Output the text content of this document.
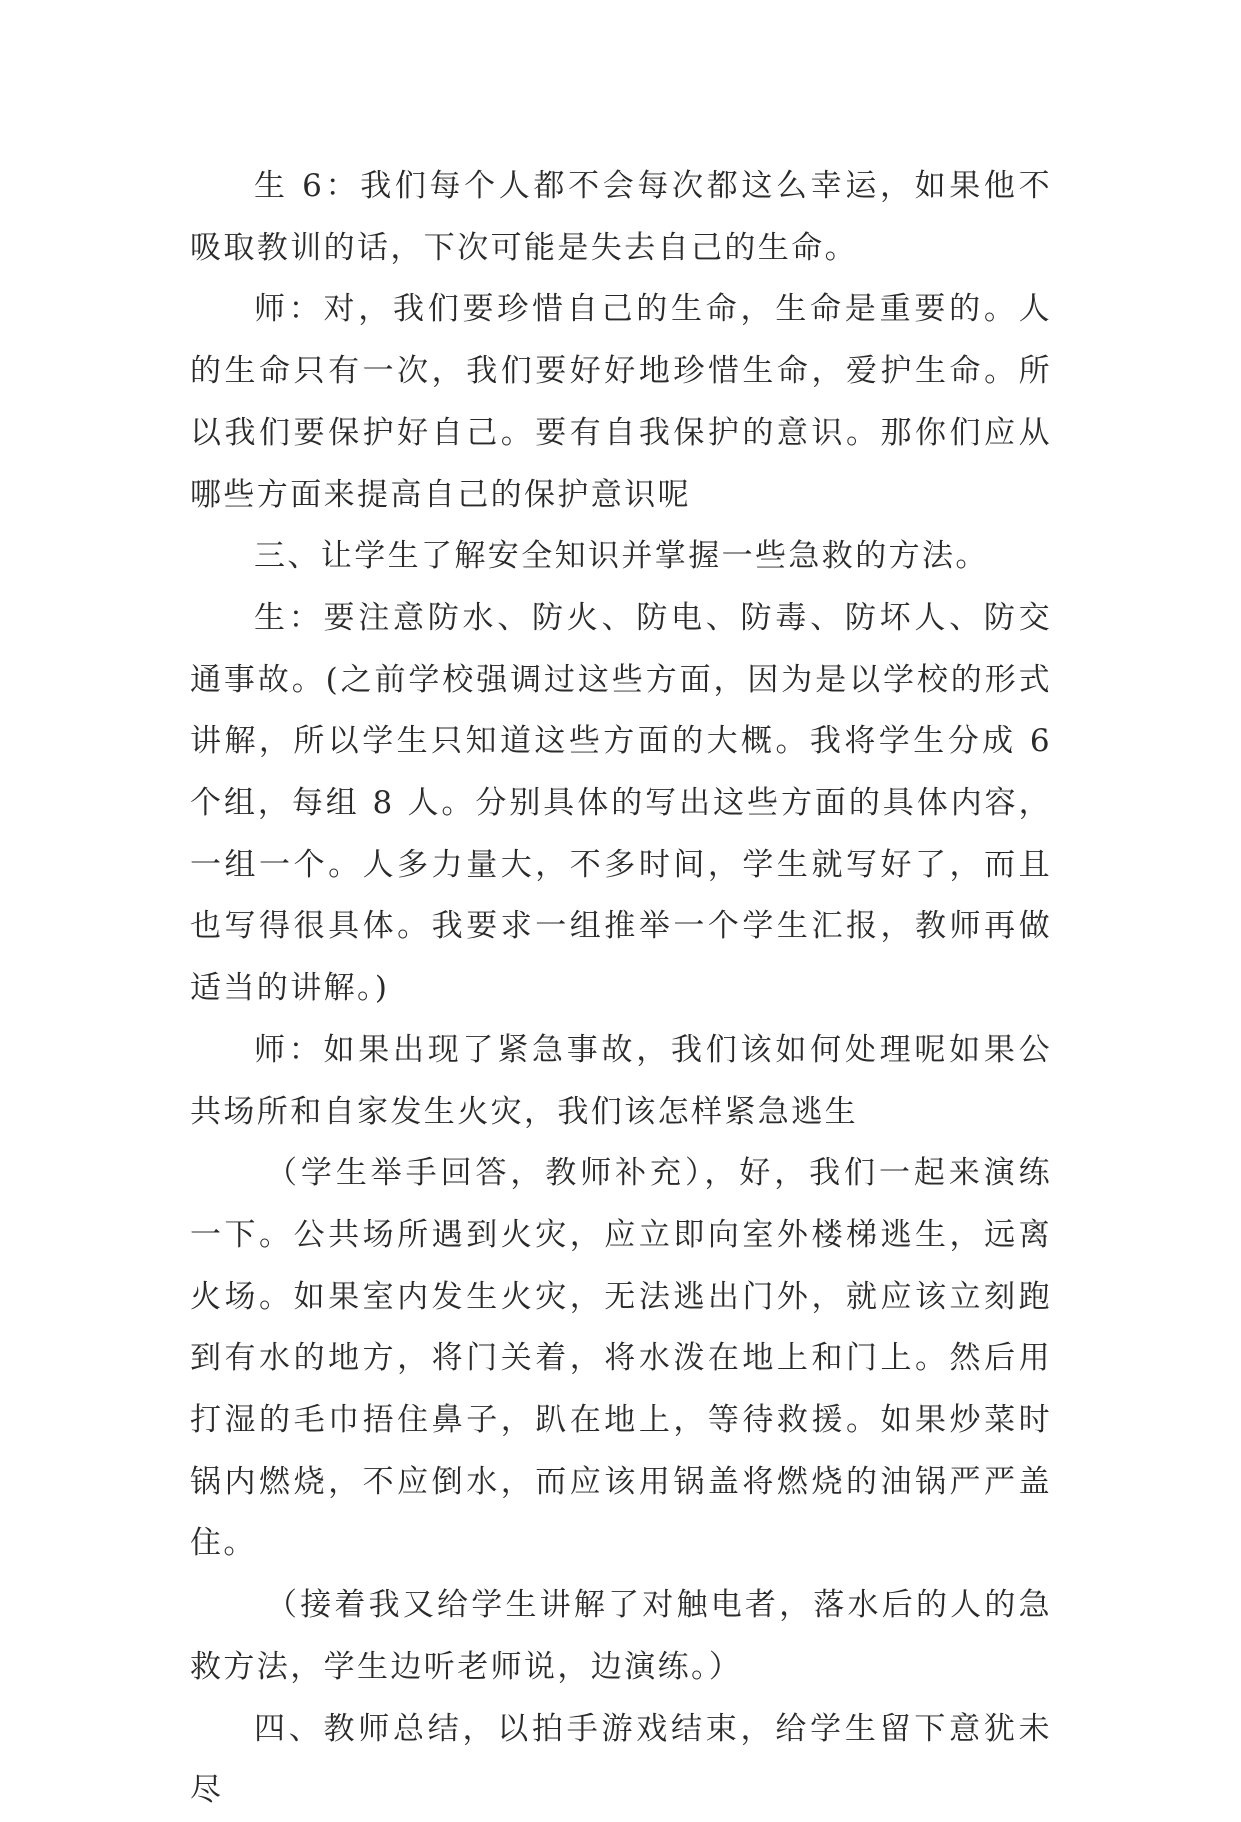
生 6：我们每个人都不会每次都这么幸运，如果他不吸取教训的话，下次可能是失去自己的生命。

师：对，我们要珍惜自己的生命，生命是重要的。人的生命只有一次，我们要好好地珍惜生命，爱护生命。所以我们要保护好自己。要有自我保护的意识。那你们应从哪些方面来提高自己的保护意识呢

三、让学生了解安全知识并掌握一些急救的方法。

生：要注意防水、防火、防电、防毒、防坏人、防交通事故。(之前学校强调过这些方面，因为是以学校的形式讲解，所以学生只知道这些方面的大概。我将学生分成 6 个组，每组 8 人。分别具体的写出这些方面的具体内容，一组一个。人多力量大，不多时间，学生就写好了，而且也写得很具体。我要求一组推举一个学生汇报，教师再做适当的讲解。)

师：如果出现了紧急事故，我们该如何处理呢如果公共场所和自家发生火灾，我们该怎样紧急逃生

（学生举手回答，教师补充），好，我们一起来演练一下。公共场所遇到火灾，应立即向室外楼梯逃生，远离火场。如果室内发生火灾，无法逃出门外，就应该立刻跑到有水的地方，将门关着，将水泼在地上和门上。然后用打湿的毛巾捂住鼻子，趴在地上，等待救援。如果炒菜时锅内燃烧，不应倒水，而应该用锅盖将燃烧的油锅严严盖住。

（接着我又给学生讲解了对触电者，落水后的人的急救方法，学生边听老师说，边演练。）

四、教师总结，以拍手游戏结束，给学生留下意犹未尽
